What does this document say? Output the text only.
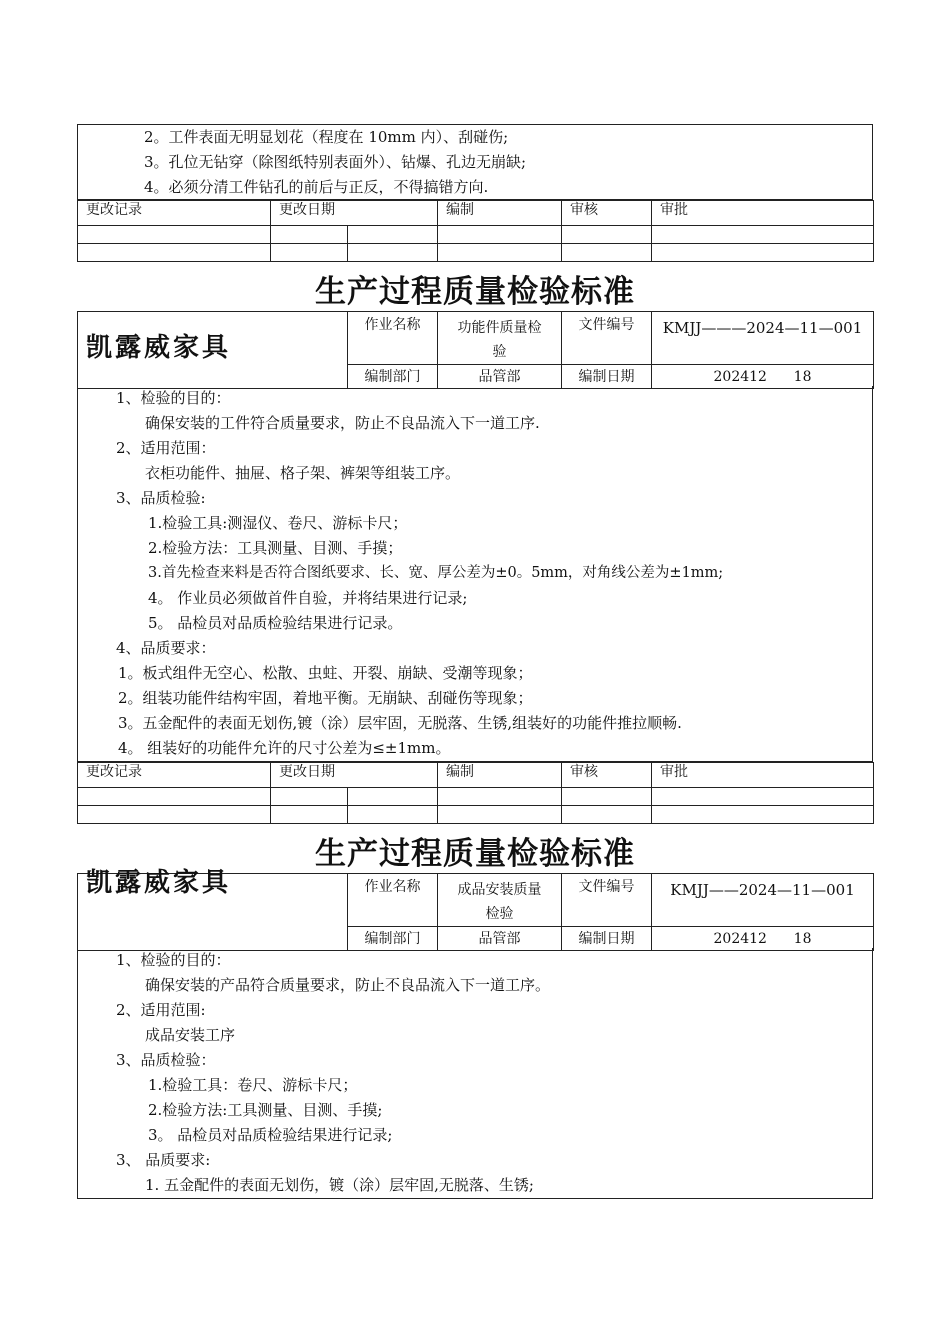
2。工件表面无明显划花（程度在 10mm 内）、刮碰伤;
3。孔位无钻穿（除图纸特别表面外）、钻爆、孔边无崩缺;
4。必须分清工件钻孔的前后与正反，不得搞错方向.
更改记录	更改日期		编制	审核	审批

生产过程质量检验标准
凯露威家具	作业名称	功能件质量检验	文件编号	KMJJ———2024—11—001
	编制部门	品管部	编制日期	202412      18
1、检验的目的：
确保安装的工件符合质量要求，防止不良品流入下一道工序.
2、适用范围：
衣柜功能件、抽屉、格子架、裤架等组装工序。
3、品质检验:
1.检验工具:测湿仪、卷尺、游标卡尺；
2.检验方法：工具测量、目测、手摸；
3.首先检查来料是否符合图纸要求、长、宽、厚公差为±0。5mm，对角线公差为±1mm;
4。 作业员必须做首件自验，并将结果进行记录;
5。 品检员对品质检验结果进行记录。
4、品质要求：
1。板式组件无空心、松散、虫蛀、开裂、崩缺、受潮等现象；
2。组装功能件结构牢固，着地平衡。无崩缺、刮碰伤等现象；
3。五金配件的表面无划伤,镀（涂）层牢固，无脱落、生锈,组装好的功能件推拉顺畅.
4。 组装好的功能件允许的尺寸公差为≤±1mm。
更改记录	更改日期		编制	审核	审批

生产过程质量检验标准
凯露威家具	作业名称	成品安装质量检验	文件编号	KMJJ——2024—11—001
	编制部门	品管部	编制日期	202412      18
1、检验的目的：
确保安装的产品符合质量要求，防止不良品流入下一道工序。
2、适用范围:
成品安装工序
3、品质检验：
1.检验工具：卷尺、游标卡尺；
2.检验方法:工具测量、目测、手摸;
3。 品检员对品质检验结果进行记录;
3、 品质要求:
1. 五金配件的表面无划伤，镀（涂）层牢固,无脱落、生锈;
